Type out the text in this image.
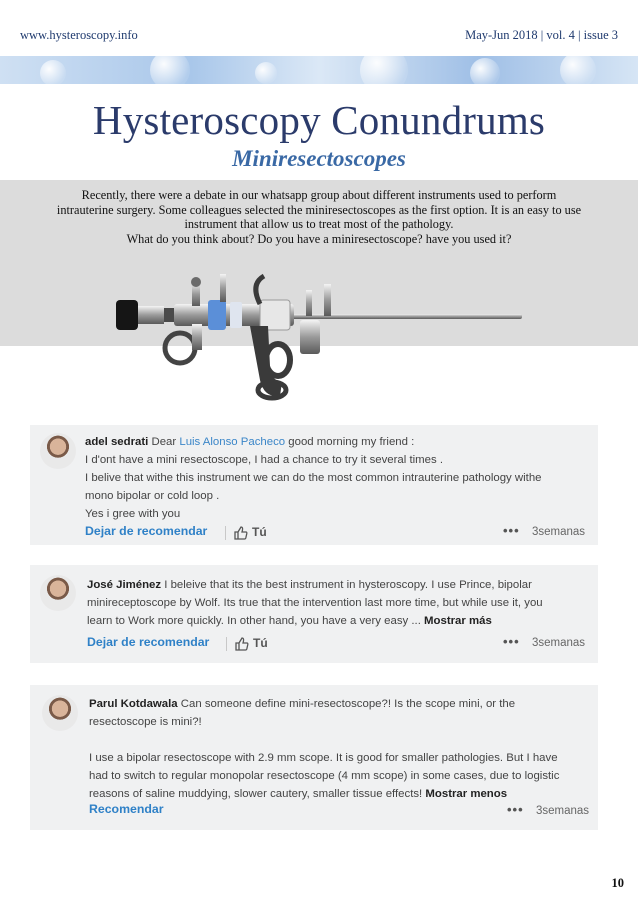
www.hysteroscopy.info	May-Jun 2018 | vol. 4 | issue 3
Hysteroscopy Conundrums
Miniresectoscopes
Recently, there were a debate in our whatsapp group about different instruments used to perform
intrauterine surgery. Some colleagues selected the miniresectoscopes as the first option. It is an easy to use
instrument that allow us to treat most of the pathology.
What do you think about? Do you have a miniresectoscope? have you used it?
adel sedrati Dear Luis Alonso Pacheco good morning my friend :
I d'ont have a mini resectoscope, I had a chance to try it several times .
I belive that withe this instrument we can do the most common intrauterine pathology withe
mono bipolar or cold loop .
Yes i gree with you
Dejar de recomendar	Tú	••• 3semanas
José Jiménez I beleive that its the best instrument in hysteroscopy. I use Prince, bipolar
minireceptoscope by Wolf. Its true that the intervention last more time, but while use it, you
learn to Work more quickly. In other hand, you have a very easy ... Mostrar más
Dejar de recomendar	Tú	••• 3semanas
Parul Kotdawala Can someone define mini-resectoscope?! Is the scope mini, or the
resectoscope is mini?!
I use a bipolar resectoscope with 2.9 mm scope. It is good for smaller pathologies. But I have
had to switch to regular monopolar resectoscope (4 mm scope) in some cases, due to logistic
reasons of saline muddying, slower cautery, smaller tissue effects! Mostrar menos
Recomendar	••• 3semanas
10
